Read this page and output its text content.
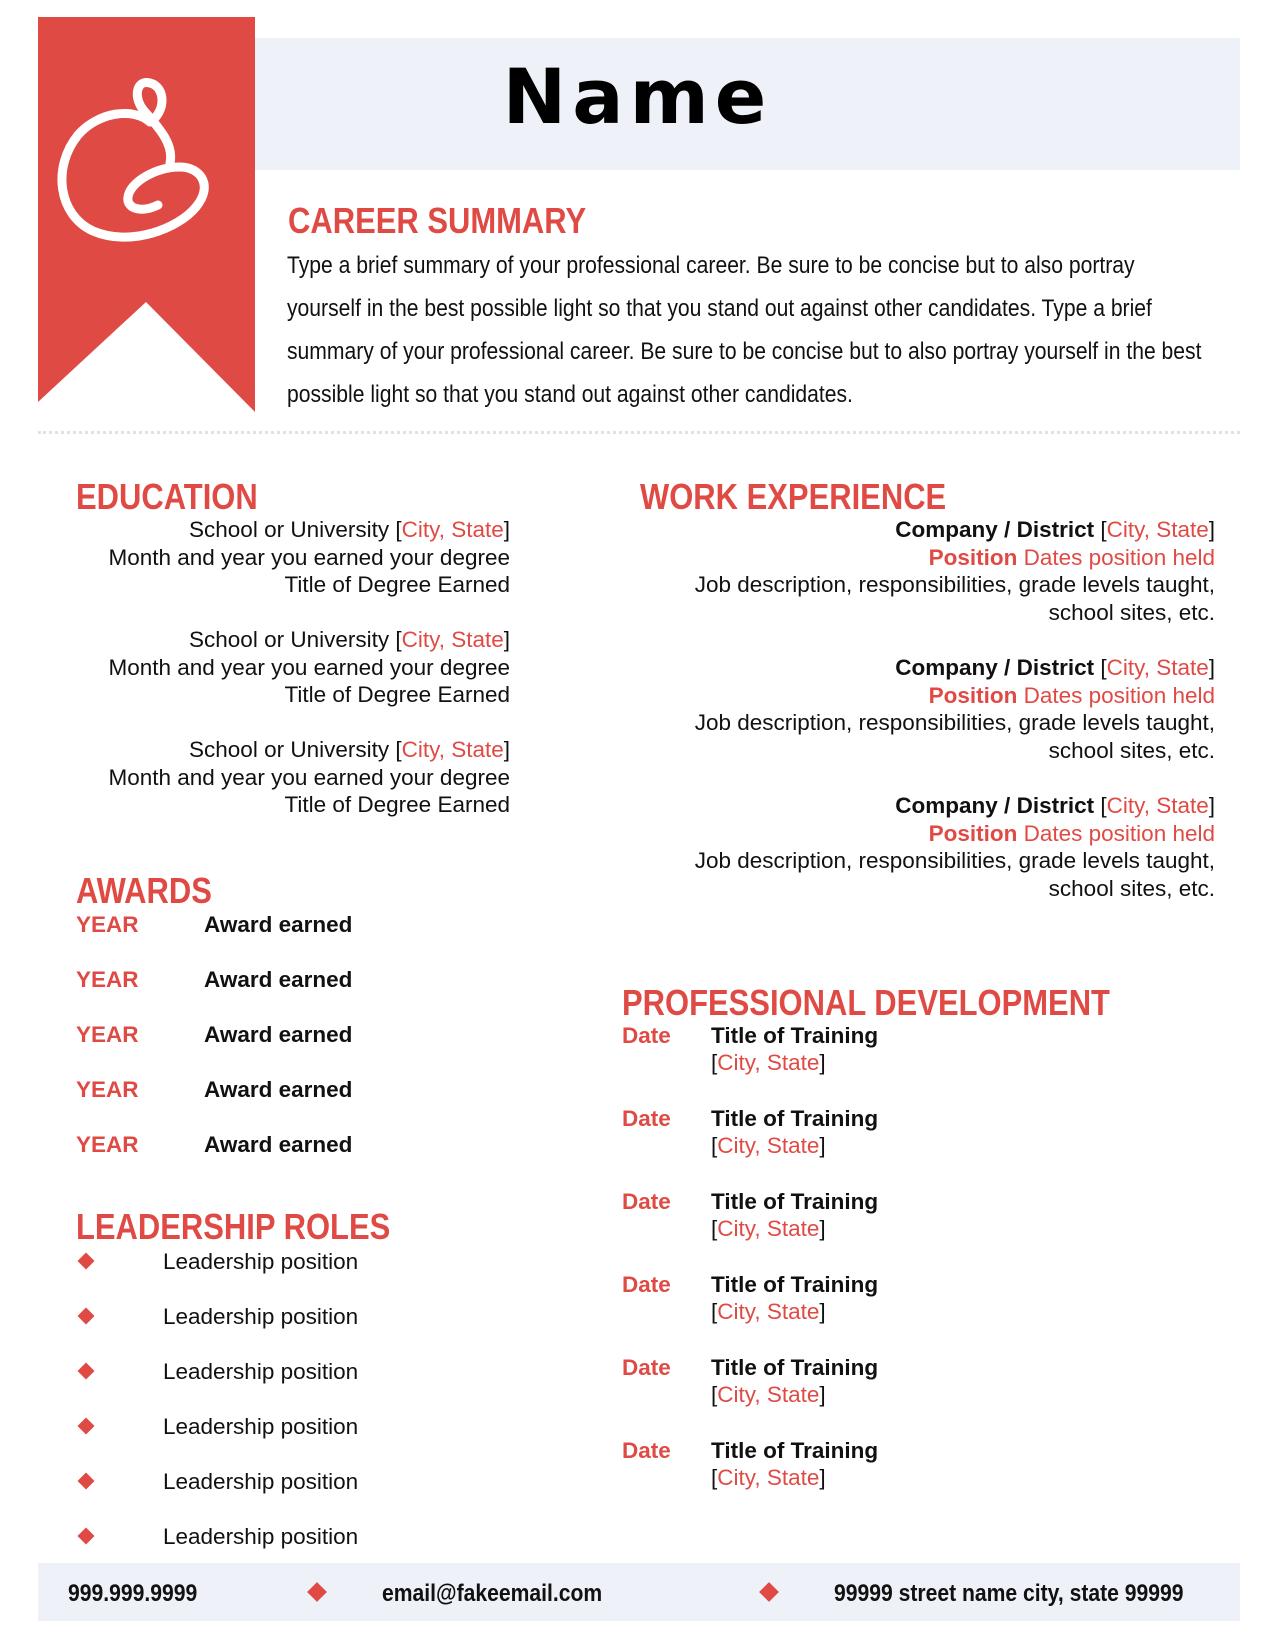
Name
CAREER SUMMARY
Type a brief summary of your professional career. Be sure to be concise but to also portray yourself in the best possible light so that you stand out against other candidates. Type a brief summary of your professional career. Be sure to be concise but to also portray yourself in the best possible light so that you stand out against other candidates.
EDUCATION
School or University [City, State]
Month and year you earned your degree
Title of Degree Earned
School or University [City, State]
Month and year you earned your degree
Title of Degree Earned
School or University [City, State]
Month and year you earned your degree
Title of Degree Earned
WORK EXPERIENCE
Company / District [City, State]
Position Dates position held
Job description, responsibilities, grade levels taught,
school sites, etc.
Company / District [City, State]
Position Dates position held
Job description, responsibilities, grade levels taught,
school sites, etc.
Company / District [City, State]
Position Dates position held
Job description, responsibilities, grade levels taught,
school sites, etc.
AWARDS
YEAR	Award earned
YEAR	Award earned
YEAR	Award earned
YEAR	Award earned
YEAR	Award earned
LEADERSHIP ROLES
Leadership position
Leadership position
Leadership position
Leadership position
Leadership position
Leadership position
PROFESSIONAL DEVELOPMENT
Date Title of Training
[City, State]
Date Title of Training
[City, State]
Date Title of Training
[City, State]
Date Title of Training
[City, State]
Date Title of Training
[City, State]
Date Title of Training
[City, State]
999.999.9999	email@fakeemail.com	99999 street name city, state 99999
